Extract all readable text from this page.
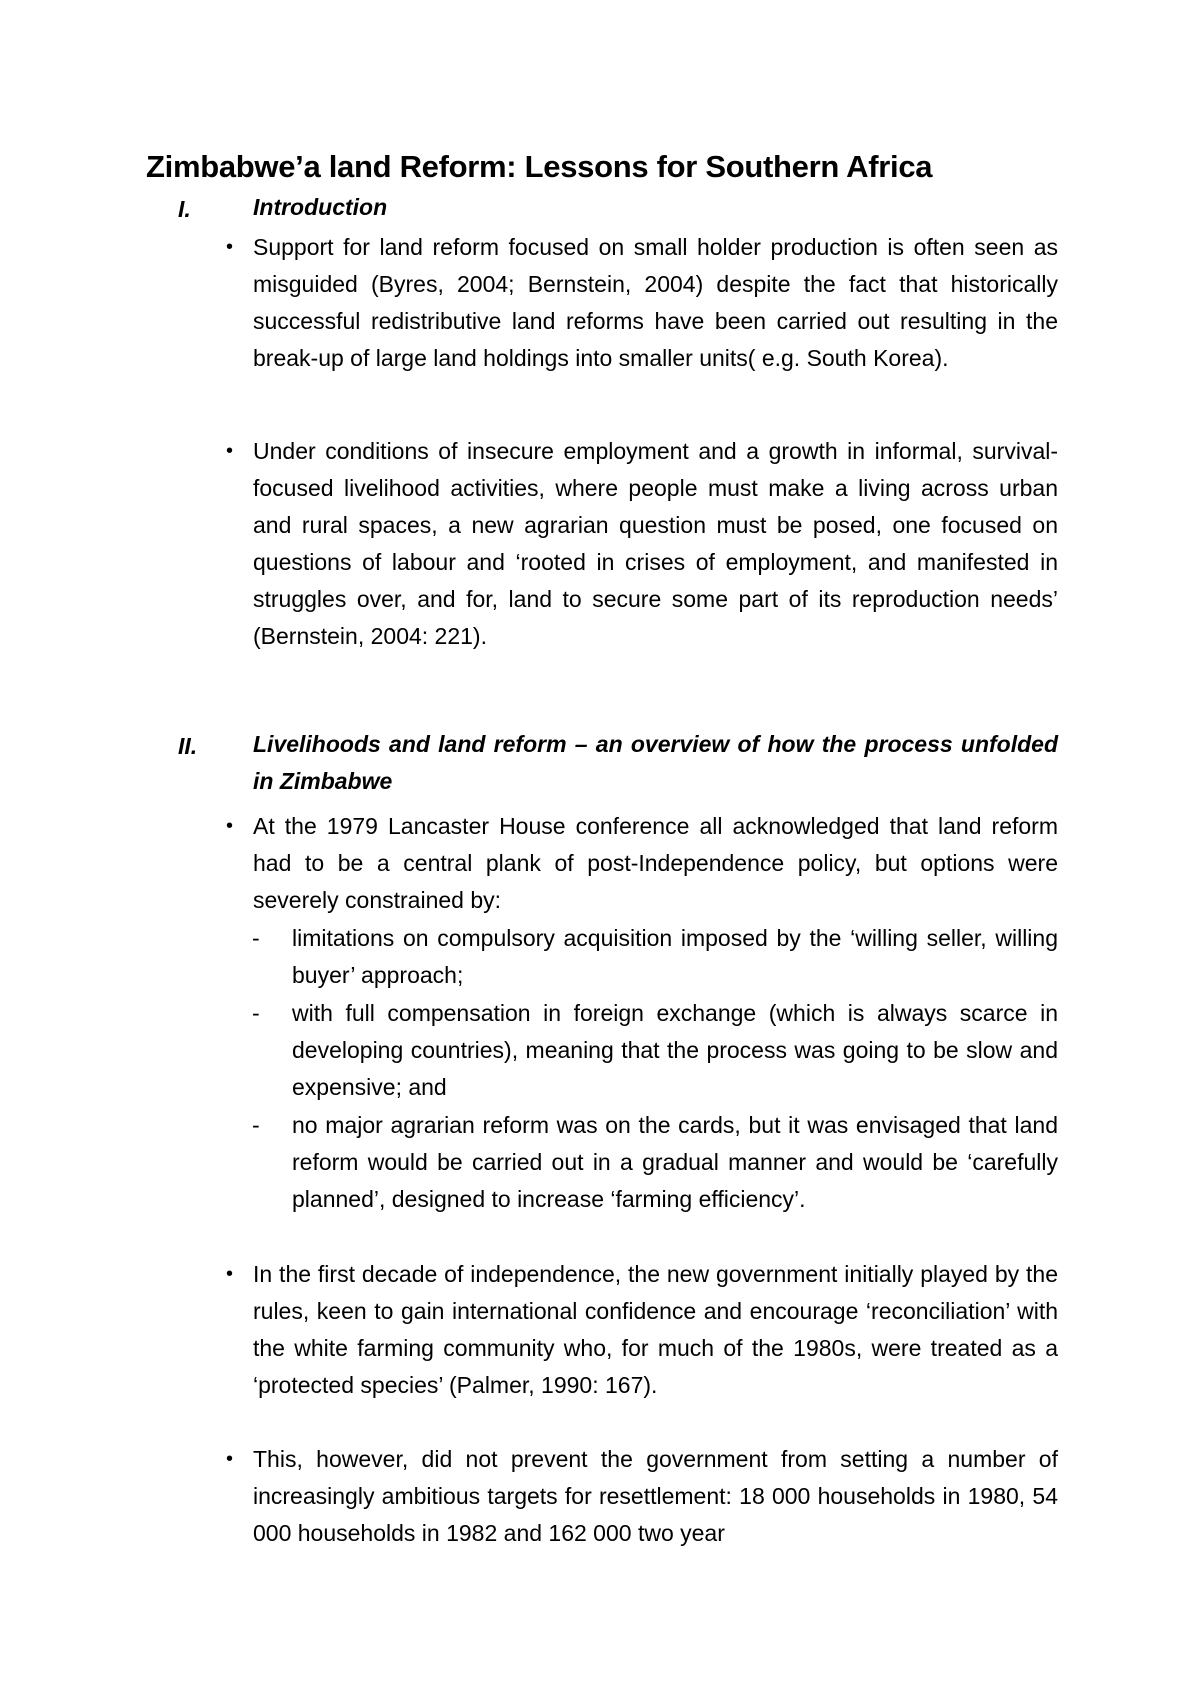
Zimbabwe’a land Reform: Lessons for Southern Africa
I.	Introduction
• Support for land reform focused on small holder production is often seen as misguided (Byres, 2004; Bernstein, 2004) despite the fact that historically successful redistributive land reforms have been carried out resulting in the break-up of large land holdings into smaller units( e.g. South Korea).
• Under conditions of insecure employment and a growth in informal, survival-focused livelihood activities, where people must make a living across urban and rural spaces, a new agrarian question must be posed, one focused on questions of labour and ‘rooted in crises of employment, and manifested in struggles over, and for, land to secure some part of its reproduction needs’ (Bernstein, 2004: 221).
II. Livelihoods and land reform – an overview of how the process unfolded in Zimbabwe
• At the 1979 Lancaster House conference all acknowledged that land reform had to be a central plank of post-Independence policy, but options were severely constrained by:
- limitations on compulsory acquisition imposed by the ‘willing seller, willing buyer’ approach;
- with full compensation in foreign exchange (which is always scarce in developing countries), meaning that the process was going to be slow and expensive; and
- no major agrarian reform was on the cards, but it was envisaged that land reform would be carried out in a gradual manner and would be ‘carefully planned’, designed to increase ‘farming efficiency’.
• In the first decade of independence, the new government initially played by the rules, keen to gain international confidence and encourage ‘reconciliation’ with the white farming community who, for much of the 1980s, were treated as a ‘protected species’ (Palmer, 1990: 167).
• This, however, did not prevent the government from setting a number of increasingly ambitious targets for resettlement: 18 000 households in 1980, 54 000 households in 1982 and 162 000 two year
